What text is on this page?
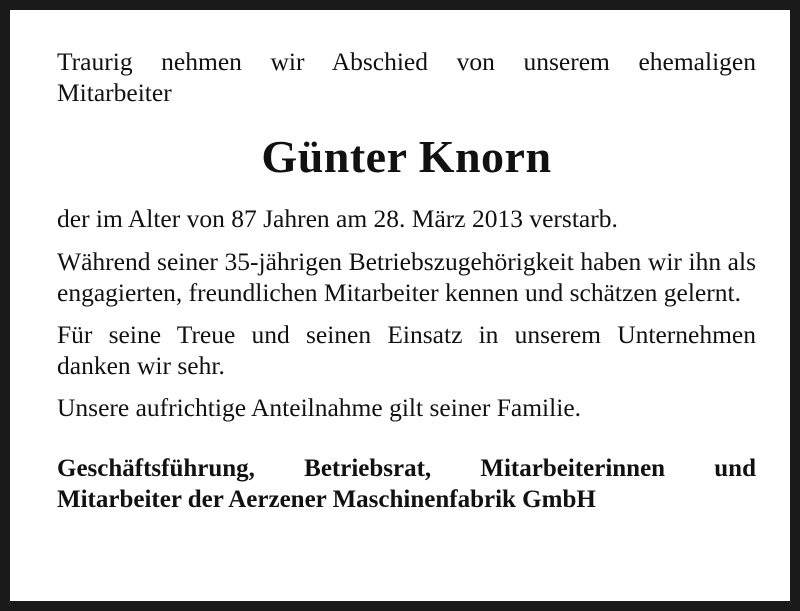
Traurig nehmen wir Abschied von unserem ehemaligen

Mitarbeiter

Günter Knorn

der im Alter von 87 Jahren am 28. März 2013 verstarb.

Während seiner 35-jährigen Betriebszugehörigkeit haben wir ihn als engagierten, freundlichen Mitarbeiter kennen und schätzen gelernt.

Für seine Treue und seinen Einsatz in unserem Unternehmen danken wir sehr.

Unsere aufrichtige Anteilnahme gilt seiner Familie.

Geschäftsführung, Betriebsrat, Mitarbeiterinnen und

Mitarbeiter der Aerzener Maschinenfabrik GmbH
